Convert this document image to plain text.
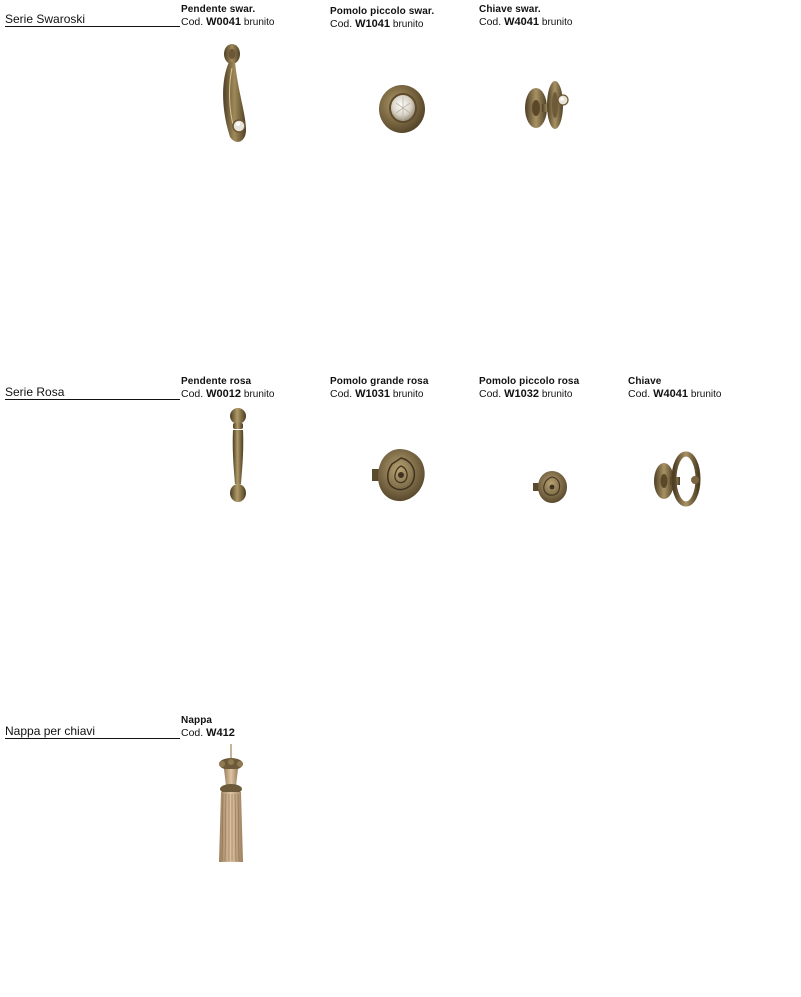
Serie Swaroski
Pendente swar.
Cod. W0041 brunito
Pomolo piccolo swar.
Cod. W1041 brunito
Chiave swar.
Cod. W4041 brunito
Serie Rosa
Pendente rosa
Cod. W0012 brunito
Pomolo grande rosa
Cod. W1031 brunito
Pomolo piccolo rosa
Cod. W1032 brunito
Chiave
Cod. W4041 brunito
Nappa per chiavi
Nappa
Cod. W412
